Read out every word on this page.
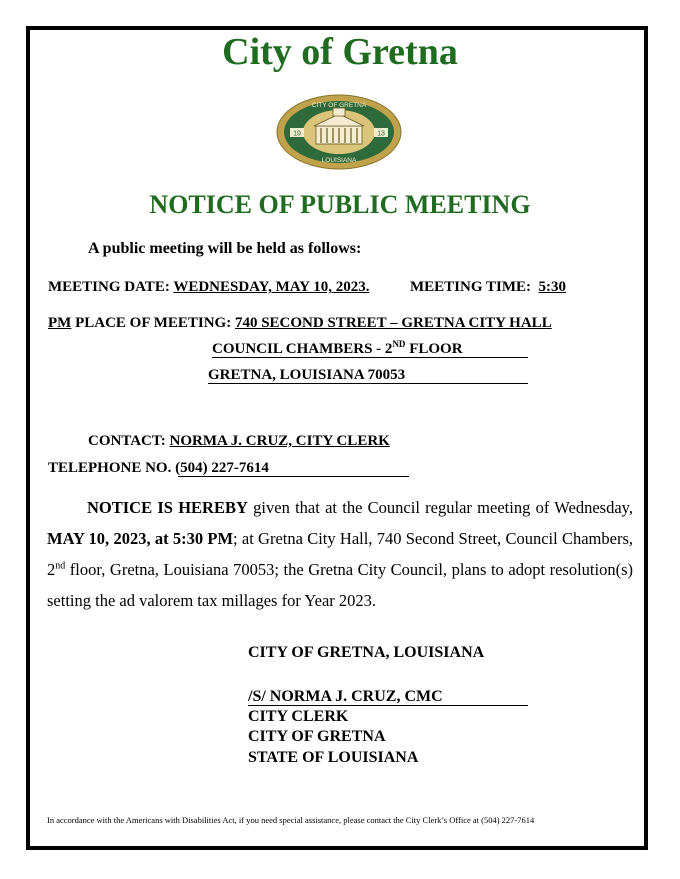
City of Gretna
19	13
CITY OF GRETNA
LOUISIANA
NOTICE OF PUBLIC MEETING
A public meeting will be held as follows:
MEETING DATE: WEDNESDAY, MAY 10, 2023.	MEETING TIME: 5:30
PM PLACE OF MEETING: 740 SECOND STREET – GRETNA CITY HALL
COUNCIL CHAMBERS - 2ND FLOOR
GRETNA, LOUISIANA 70053
CONTACT: NORMA J. CRUZ, CITY CLERK
TELEPHONE NO. (504) 227-7614
NOTICE IS HEREBY given that at the Council regular meeting of Wednesday, MAY 10, 2023, at 5:30 PM; at Gretna City Hall, 740 Second Street, Council Chambers, 2nd floor, Gretna, Louisiana 70053; the Gretna City Council, plans to adopt resolution(s) setting the ad valorem tax millages for Year 2023.
CITY OF GRETNA, LOUISIANA
/S/ NORMA J. CRUZ, CMC
CITY CLERK
CITY OF GRETNA
STATE OF LOUISIANA
In accordance with the Americans with Disabilities Act, if you need special assistance, please contact the City Clerk’s Office at (504) 227-7614
